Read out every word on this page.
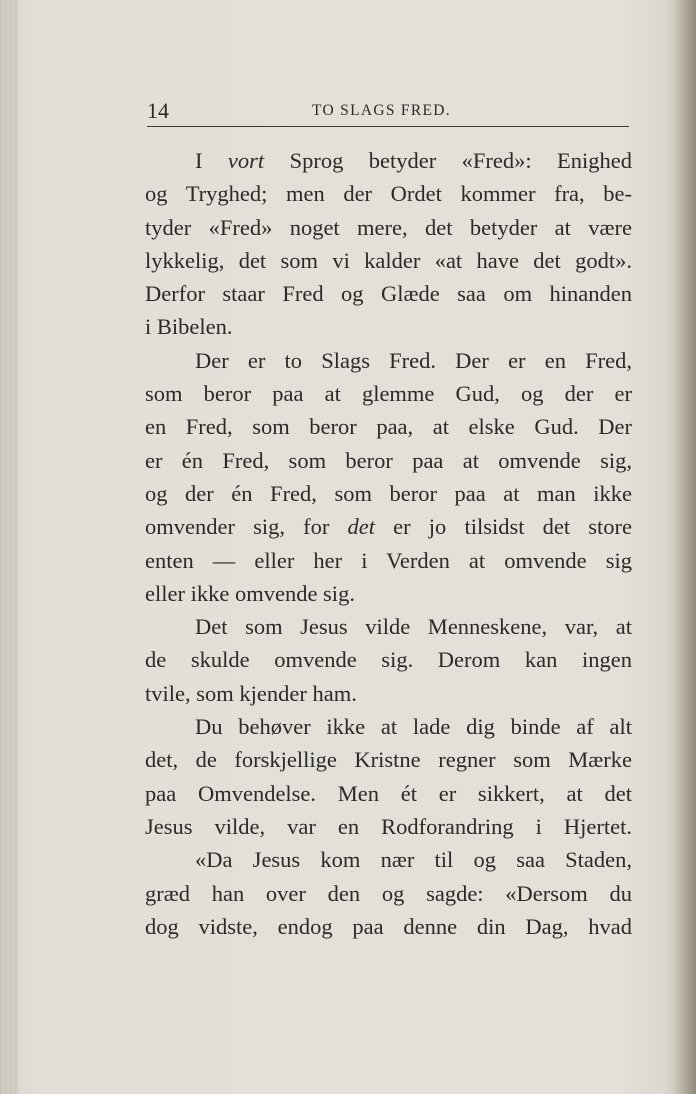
14	TO SLAGS FRED.
I vort Sprog betyder «Fred»: Enighed
og Tryghed; men der Ordet kommer fra, be-
tyder «Fred» noget mere, det betyder at være
lykkelig, det som vi kalder «at have det godt».
Derfor staar Fred og Glæde saa om hinanden
i Bibelen.
Der er to Slags Fred. Der er en Fred,
som beror paa at glemme Gud, og der er
en Fred, som beror paa, at elske Gud. Der
er én Fred, som beror paa at omvende sig,
og der én Fred, som beror paa at man ikke
omvender sig, for det er jo tilsidst det store
enten — eller her i Verden at omvende sig
eller ikke omvende sig.
Det som Jesus vilde Menneskene, var, at
de skulde omvende sig. Derom kan ingen
tvile, som kjender ham.
Du behøver ikke at lade dig binde af alt
det, de forskjellige Kristne regner som Mærke
paa Omvendelse. Men ét er sikkert, at det
Jesus vilde, var en Rodforandring i Hjertet.
«Da Jesus kom nær til og saa Staden,
græd han over den og sagde: «Dersom du
dog vidste, endog paa denne din Dag, hvad
